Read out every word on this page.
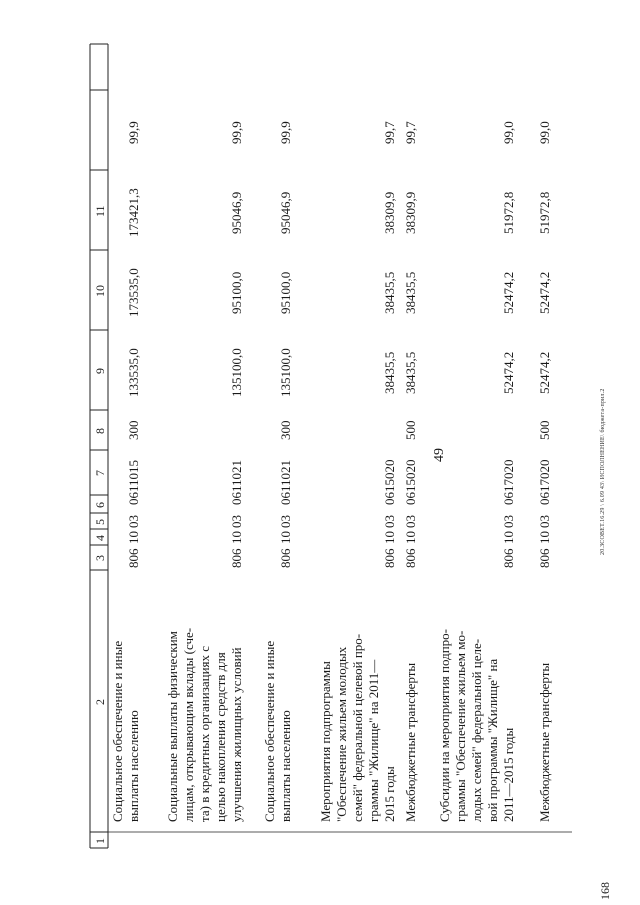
49
168
20.ЗСОВЕТ.16.29 \ 6.09 43\ ИСПОЛНЕНИЕ\ бюджета-прил.2
1
2
3
4
5
6
7
8
9
10
11
Социальное обеспечение и иные выплаты населению
806
10
03
0611015
300
133535,0
173535,0
173421,3
99,9
Социальные выплаты физическим лицам, открывающим вклады (сче- та) в кредитных организациях с целью накопления средств для улучшения жилищных условий
806
10
03
0611021
135100,0
95100,0
95046,9
99,9
Социальное обеспечение и иные выплаты населению
806
10
03
0611021
300
135100,0
95100,0
95046,9
99,9
Мероприятия подпрограммы "Обеспечение жильем молодых семей" федеральной целевой про- граммы "Жилище" на 2011— 2015 годы
806
10
03
0615020
38435,5
38435,5
38309,9
99,7
Межбюджетные трансферты
806
10
03
0615020
500
38435,5
38435,5
38309,9
99,7
Субсидии на мероприятия подпро- граммы "Обеспечение жильем мо- лодых семей" федеральной целе- вой программы "Жилище" на 2011—2015 годы
806
10
03
0617020
52474,2
52474,2
51972,8
99,0
Межбюджетные трансферты
806
10
03
0617020
500
52474,2
52474,2
51972,8
99,0
